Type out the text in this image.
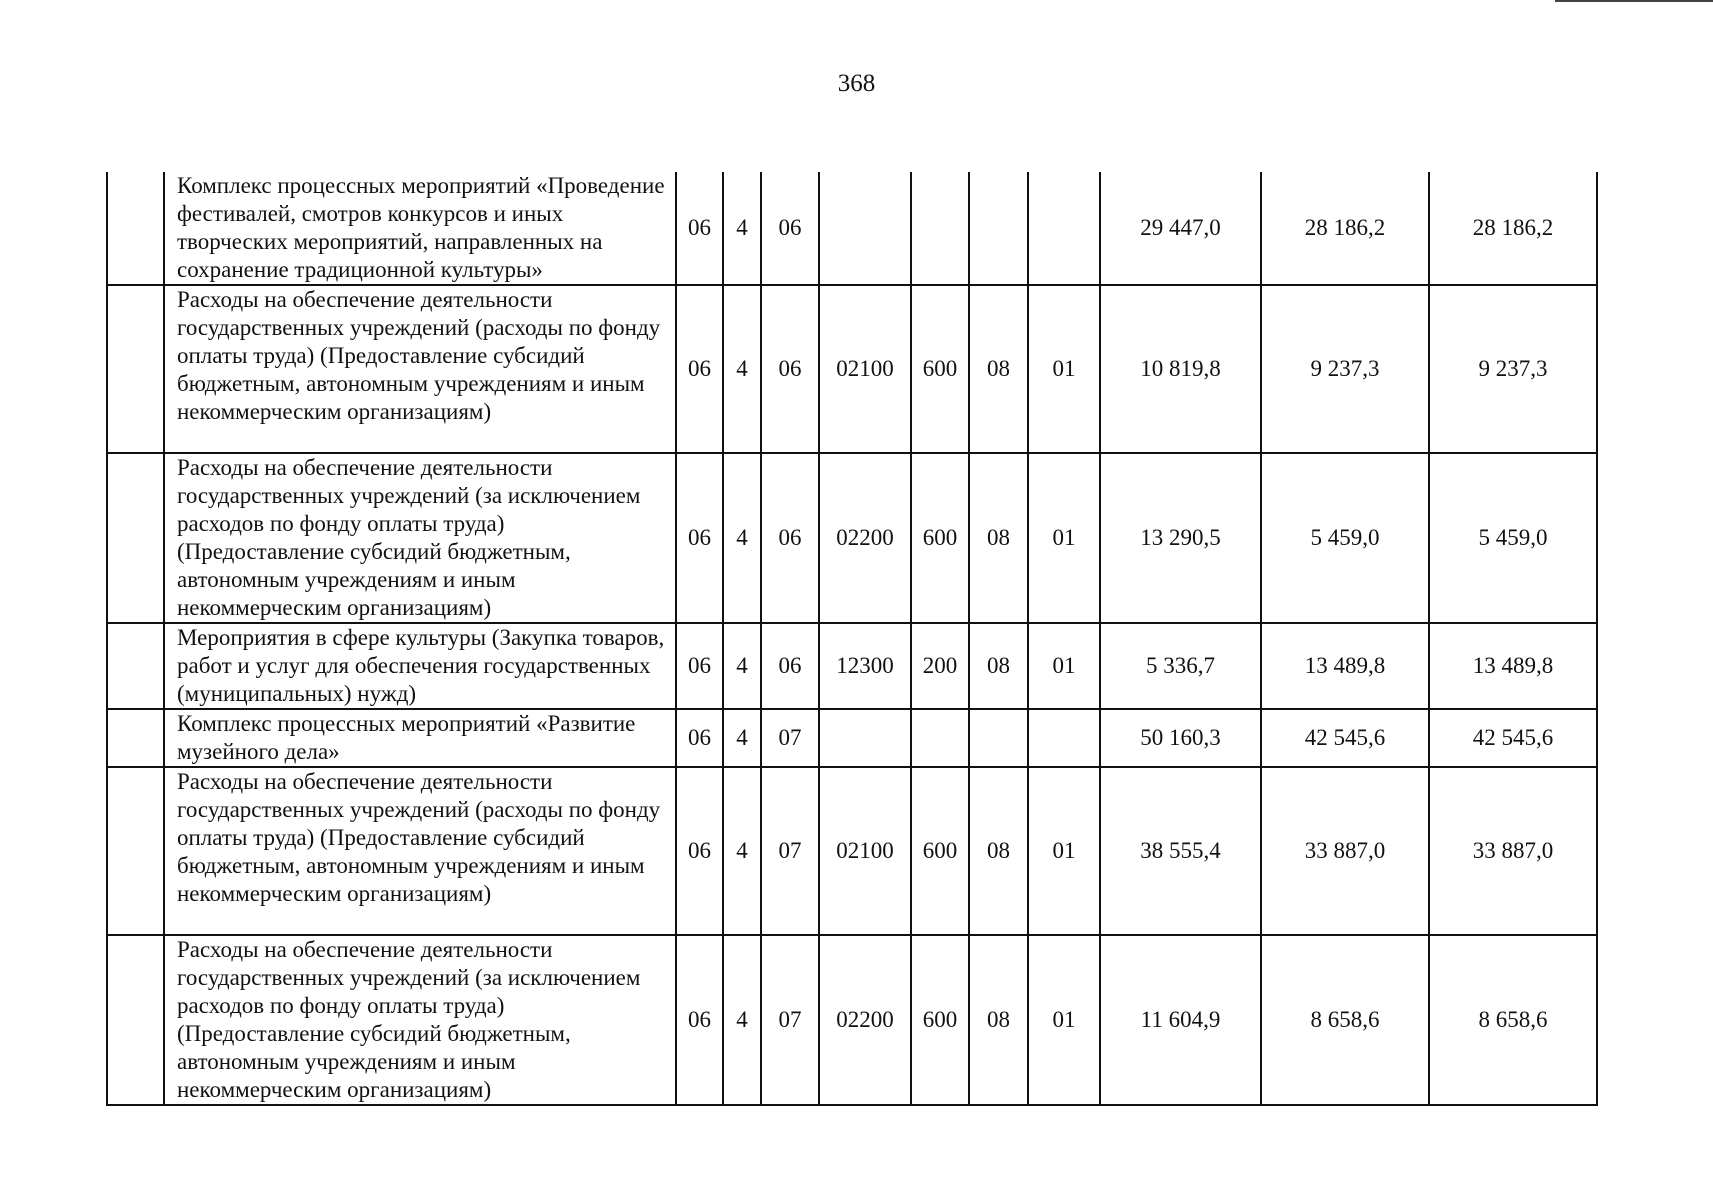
368
	Комплекс процессных мероприятий «Проведение фестивалей, смотров конкурсов и иных творческих мероприятий, направленных на сохранение традиционной культуры»	06	4	06					29 447,0	28 186,2	28 186,2
	Расходы на обеспечение деятельности государственных учреждений (расходы по фонду оплаты труда) (Предоставление субсидий бюджетным, автономным учреждениям и иным некоммерческим организациям)	06	4	06	02100	600	08	01	10 819,8	9 237,3	9 237,3
	Расходы на обеспечение деятельности государственных учреждений (за исключением расходов по фонду оплаты труда) (Предоставление субсидий бюджетным, автономным учреждениям и иным некоммерческим организациям)	06	4	06	02200	600	08	01	13 290,5	5 459,0	5 459,0
	Мероприятия в сфере культуры (Закупка товаров, работ и услуг для обеспечения государственных (муниципальных) нужд)	06	4	06	12300	200	08	01	5 336,7	13 489,8	13 489,8
	Комплекс процессных мероприятий «Развитие музейного дела»	06	4	07					50 160,3	42 545,6	42 545,6
	Расходы на обеспечение деятельности государственных учреждений (расходы по фонду оплаты труда) (Предоставление субсидий бюджетным, автономным учреждениям и иным некоммерческим организациям)	06	4	07	02100	600	08	01	38 555,4	33 887,0	33 887,0
	Расходы на обеспечение деятельности государственных учреждений (за исключением расходов по фонду оплаты труда) (Предоставление субсидий бюджетным, автономным учреждениям и иным некоммерческим организациям)	06	4	07	02200	600	08	01	11 604,9	8 658,6	8 658,6
